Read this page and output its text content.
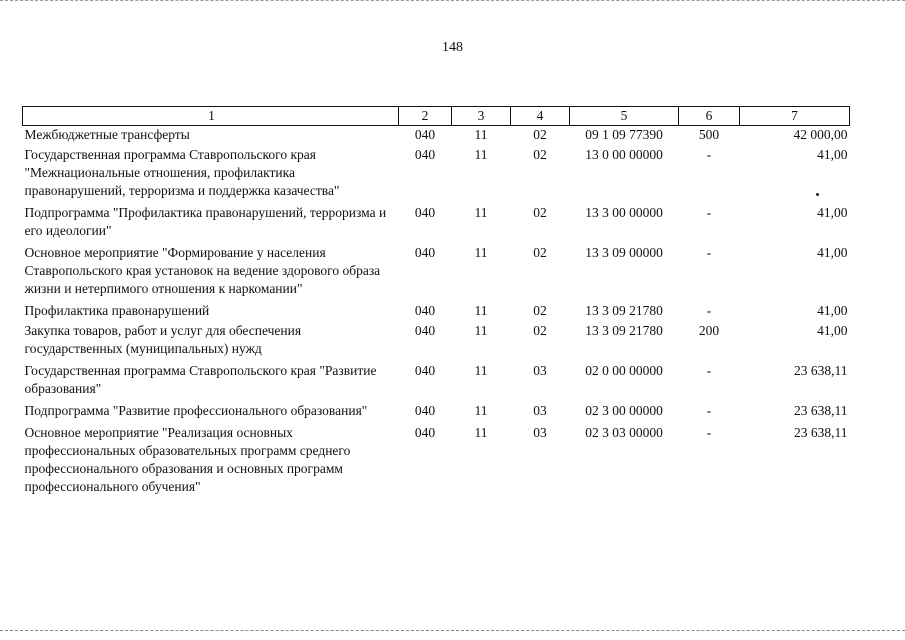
148
1	2	3	4	5	6	7
Межбюджетные трансферты	040	11	02	09 1 09 77390	500	42 000,00
Государственная программа Ставропольского края "Межнациональные отношения, профилактика правонарушений, терроризма и поддержка казачества"	040	11	02	13 0 00 00000	-	41,00
Подпрограмма "Профилактика правонарушений, терроризма и его идеологии"	040	11	02	13 3 00 00000	-	41,00
Основное мероприятие "Формирование у населения Ставропольского края установок на ведение здорового образа жизни и нетерпимого отношения к наркомании"	040	11	02	13 3 09 00000	-	41,00
Профилактика правонарушений	040	11	02	13 3 09 21780	-	41,00
Закупка товаров, работ и услуг для обеспечения государственных (муниципальных) нужд	040	11	02	13 3 09 21780	200	41,00
Государственная программа Ставропольского края "Развитие образования"	040	11	03	02 0 00 00000	-	23 638,11
Подпрограмма "Развитие профессионального образования"	040	11	03	02 3 00 00000	-	23 638,11
Основное мероприятие "Реализация основных профессиональных образовательных программ среднего профессионального образования и основных программ профессионального обучения"	040	11	03	02 3 03 00000	-	23 638,11
